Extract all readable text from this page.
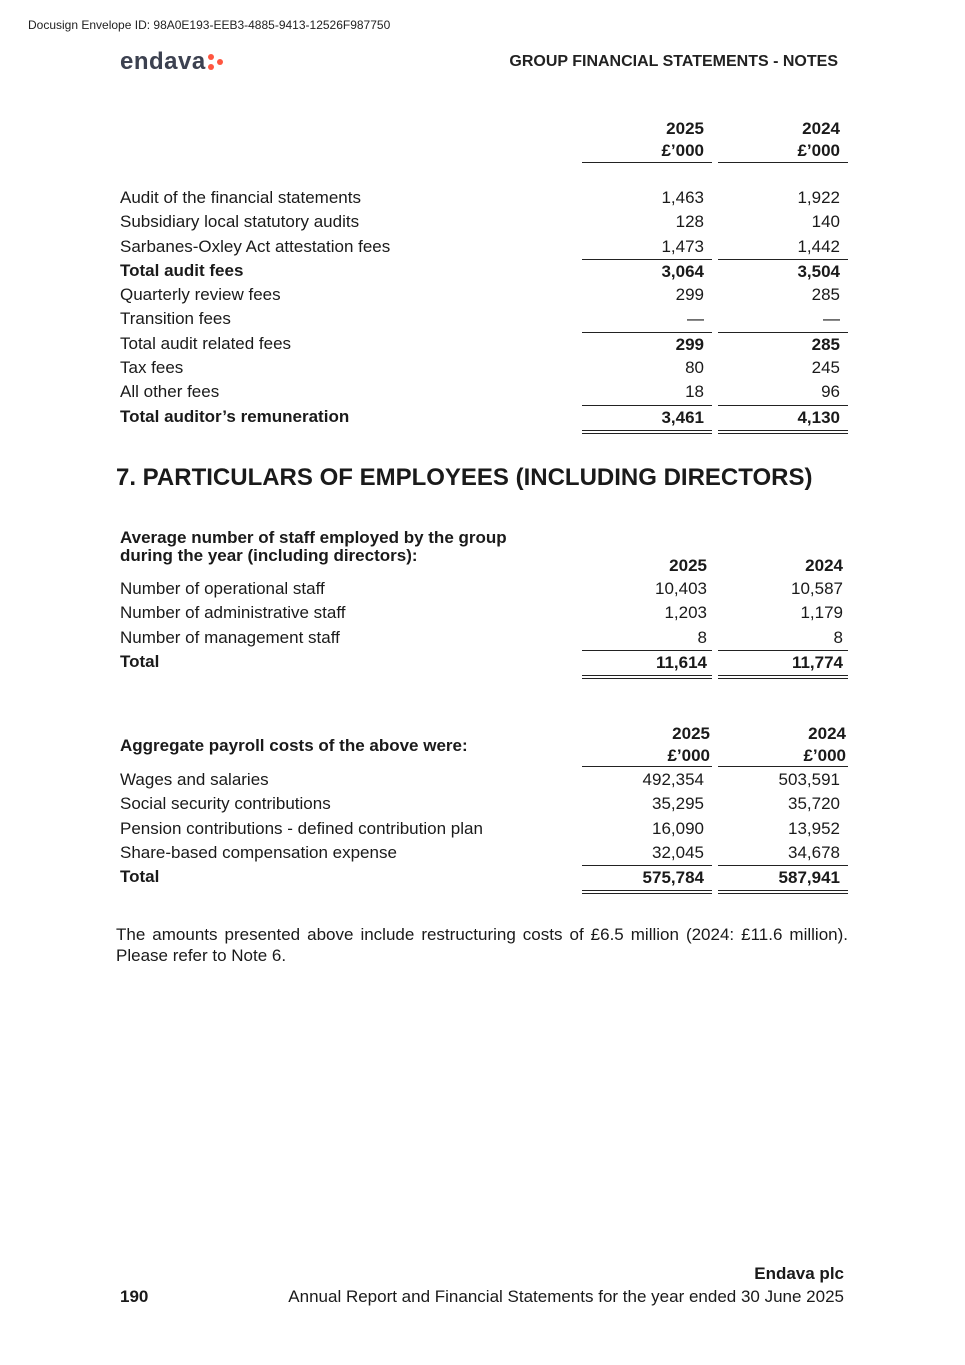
Docusign Envelope ID: 98A0E193-EEB3-4885-9413-12526F987750
endava	GROUP FINANCIAL STATEMENTS - NOTES
2025	2024
£’000	£’000
Audit of the financial statements	1,463	1,922
Subsidiary local statutory audits	128	140
Sarbanes-Oxley Act attestation fees	1,473	1,442
Total audit fees	3,064	3,504
Quarterly review fees	299	285
Transition fees	—	—
Total audit related fees	299	285
Tax fees	80	245
All other fees	18	96
Total auditor’s remuneration	3,461	4,130
7. PARTICULARS OF EMPLOYEES (INCLUDING DIRECTORS)
Average number of staff employed by the group
during the year (including directors):
2025	2024
Number of operational staff	10,403	10,587
Number of administrative staff	1,203	1,179
Number of management staff	8	8
Total	11,614	11,774
Aggregate payroll costs of the above were:
2025	2024
£’000	£’000
Wages and salaries	492,354	503,591
Social security contributions	35,295	35,720
Pension contributions - defined contribution plan	16,090	13,952
Share-based compensation expense	32,045	34,678
Total	575,784	587,941
The amounts presented above include restructuring costs of £6.5 million (2024: £11.6 million). Please refer to Note 6.
Endava plc
190	Annual Report and Financial Statements for the year ended 30 June 2025
